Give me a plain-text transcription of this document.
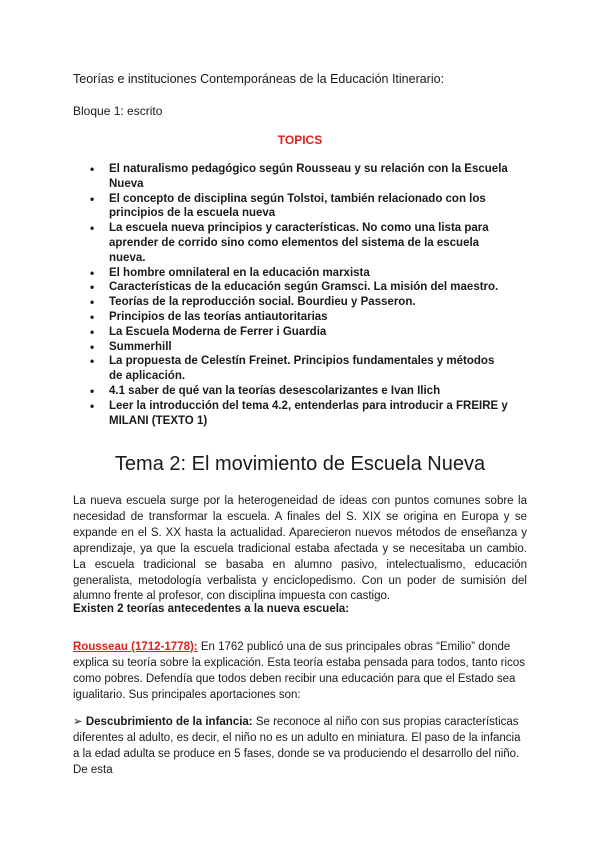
Teorías e instituciones Contemporáneas de la Educación Itinerario:
Bloque 1: escrito
TOPICS
• El naturalismo pedagógico según Rousseau y su relación con la Escuela Nueva
• El concepto de disciplina según Tolstoi, también relacionado con los principios de la escuela nueva
• La escuela nueva principios y características. No como una lista para aprender de corrido sino como elementos del sistema de la escuela nueva.
• El hombre omnilateral en la educación marxista
• Características de la educación según Gramsci. La misión del maestro.
• Teorías de la reproducción social. Bourdieu y Passeron.
• Principios de las teorías antiautoritarias
• La Escuela Moderna de Ferrer i Guardia
• Summerhill
• La propuesta de Celestín Freinet. Principios fundamentales y métodos de aplicación.
• 4.1 saber de qué van la teorías desescolarizantes e Ivan Ilich
• Leer la introducción del tema 4.2, entenderlas para introducir a FREIRE y MILANI (TEXTO 1)
Tema 2: El movimiento de Escuela Nueva
La nueva escuela surge por la heterogeneidad de ideas con puntos comunes sobre la necesidad de transformar la escuela. A finales del S. XIX se origina en Europa y se expande en el S. XX hasta la actualidad. Aparecieron nuevos métodos de enseñanza y aprendizaje, ya que la escuela tradicional estaba afectada y se necesitaba un cambio. La escuela tradicional se basaba en alumno pasivo, intelectualismo, educación generalista, metodología verbalista y enciclopedismo. Con un poder de sumisión del alumno frente al profesor, con disciplina impuesta con castigo.
Existen 2 teorías antecedentes a la nueva escuela:
Rousseau (1712-1778): En 1762 publicó una de sus principales obras “Emilio” donde explica su teoría sobre la explicación. Esta teoría estaba pensada para todos, tanto ricos como pobres. Defendía que todos deben recibir una educación para que el Estado sea igualitario. Sus principales aportaciones son:
➢ Descubrimiento de la infancia: Se reconoce al niño con sus propias características diferentes al adulto, es decir, el niño no es un adulto en miniatura. El paso de la infancia a la edad adulta se produce en 5 fases, donde se va produciendo el desarrollo del niño. De esta
